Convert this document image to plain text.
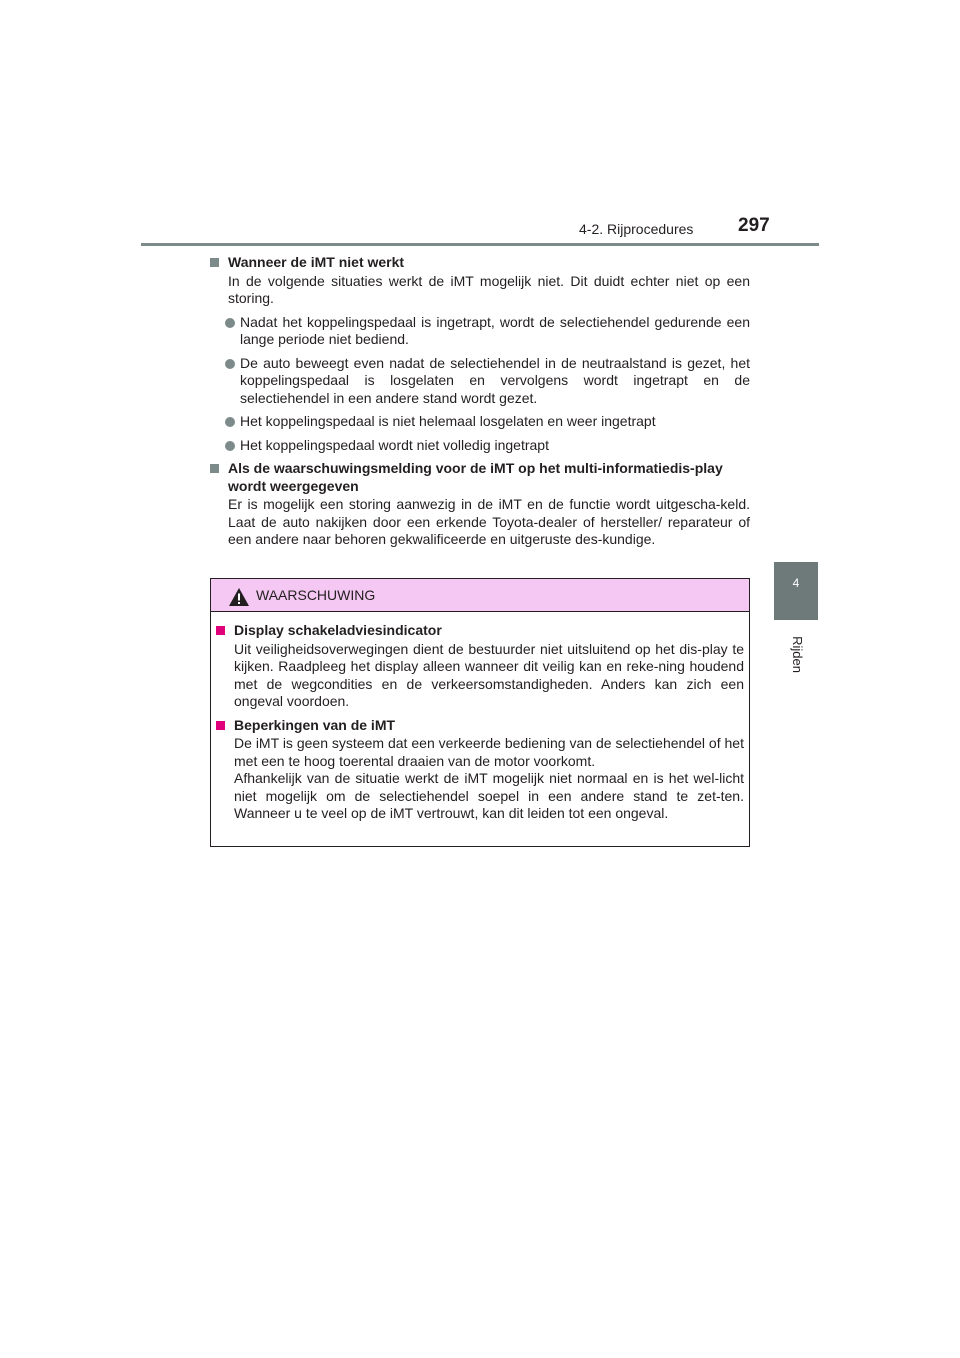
4-2. Rijprocedures 297
4
Rijden
Wanneer de iMT niet werkt
In de volgende situaties werkt de iMT mogelijk niet. Dit duidt echter niet op een storing.
Nadat het koppelingspedaal is ingetrapt, wordt de selectiehendel gedurende een lange periode niet bediend.
De auto beweegt even nadat de selectiehendel in de neutraalstand is gezet, het koppelingspedaal is losgelaten en vervolgens wordt ingetrapt en de selectiehendel in een andere stand wordt gezet.
Het koppelingspedaal is niet helemaal losgelaten en weer ingetrapt
Het koppelingspedaal wordt niet volledig ingetrapt
Als de waarschuwingsmelding voor de iMT op het multi-informatiedis-play wordt weergegeven
Er is mogelijk een storing aanwezig in de iMT en de functie wordt uitgescha-keld. Laat de auto nakijken door een erkende Toyota-dealer of hersteller/ reparateur of een andere naar behoren gekwalificeerde en uitgeruste des-kundige.
WAARSCHUWING
Display schakeladviesindicator
Uit veiligheidsoverwegingen dient de bestuurder niet uitsluitend op het dis-play te kijken. Raadpleeg het display alleen wanneer dit veilig kan en reke-ning houdend met de wegcondities en de verkeersomstandigheden. Anders kan zich een ongeval voordoen.
Beperkingen van de iMT
De iMT is geen systeem dat een verkeerde bediening van de selectiehendel of het met een te hoog toerental draaien van de motor voorkomt.
Afhankelijk van de situatie werkt de iMT mogelijk niet normaal en is het wel-licht niet mogelijk om de selectiehendel soepel in een andere stand te zet-ten. Wanneer u te veel op de iMT vertrouwt, kan dit leiden tot een ongeval.
